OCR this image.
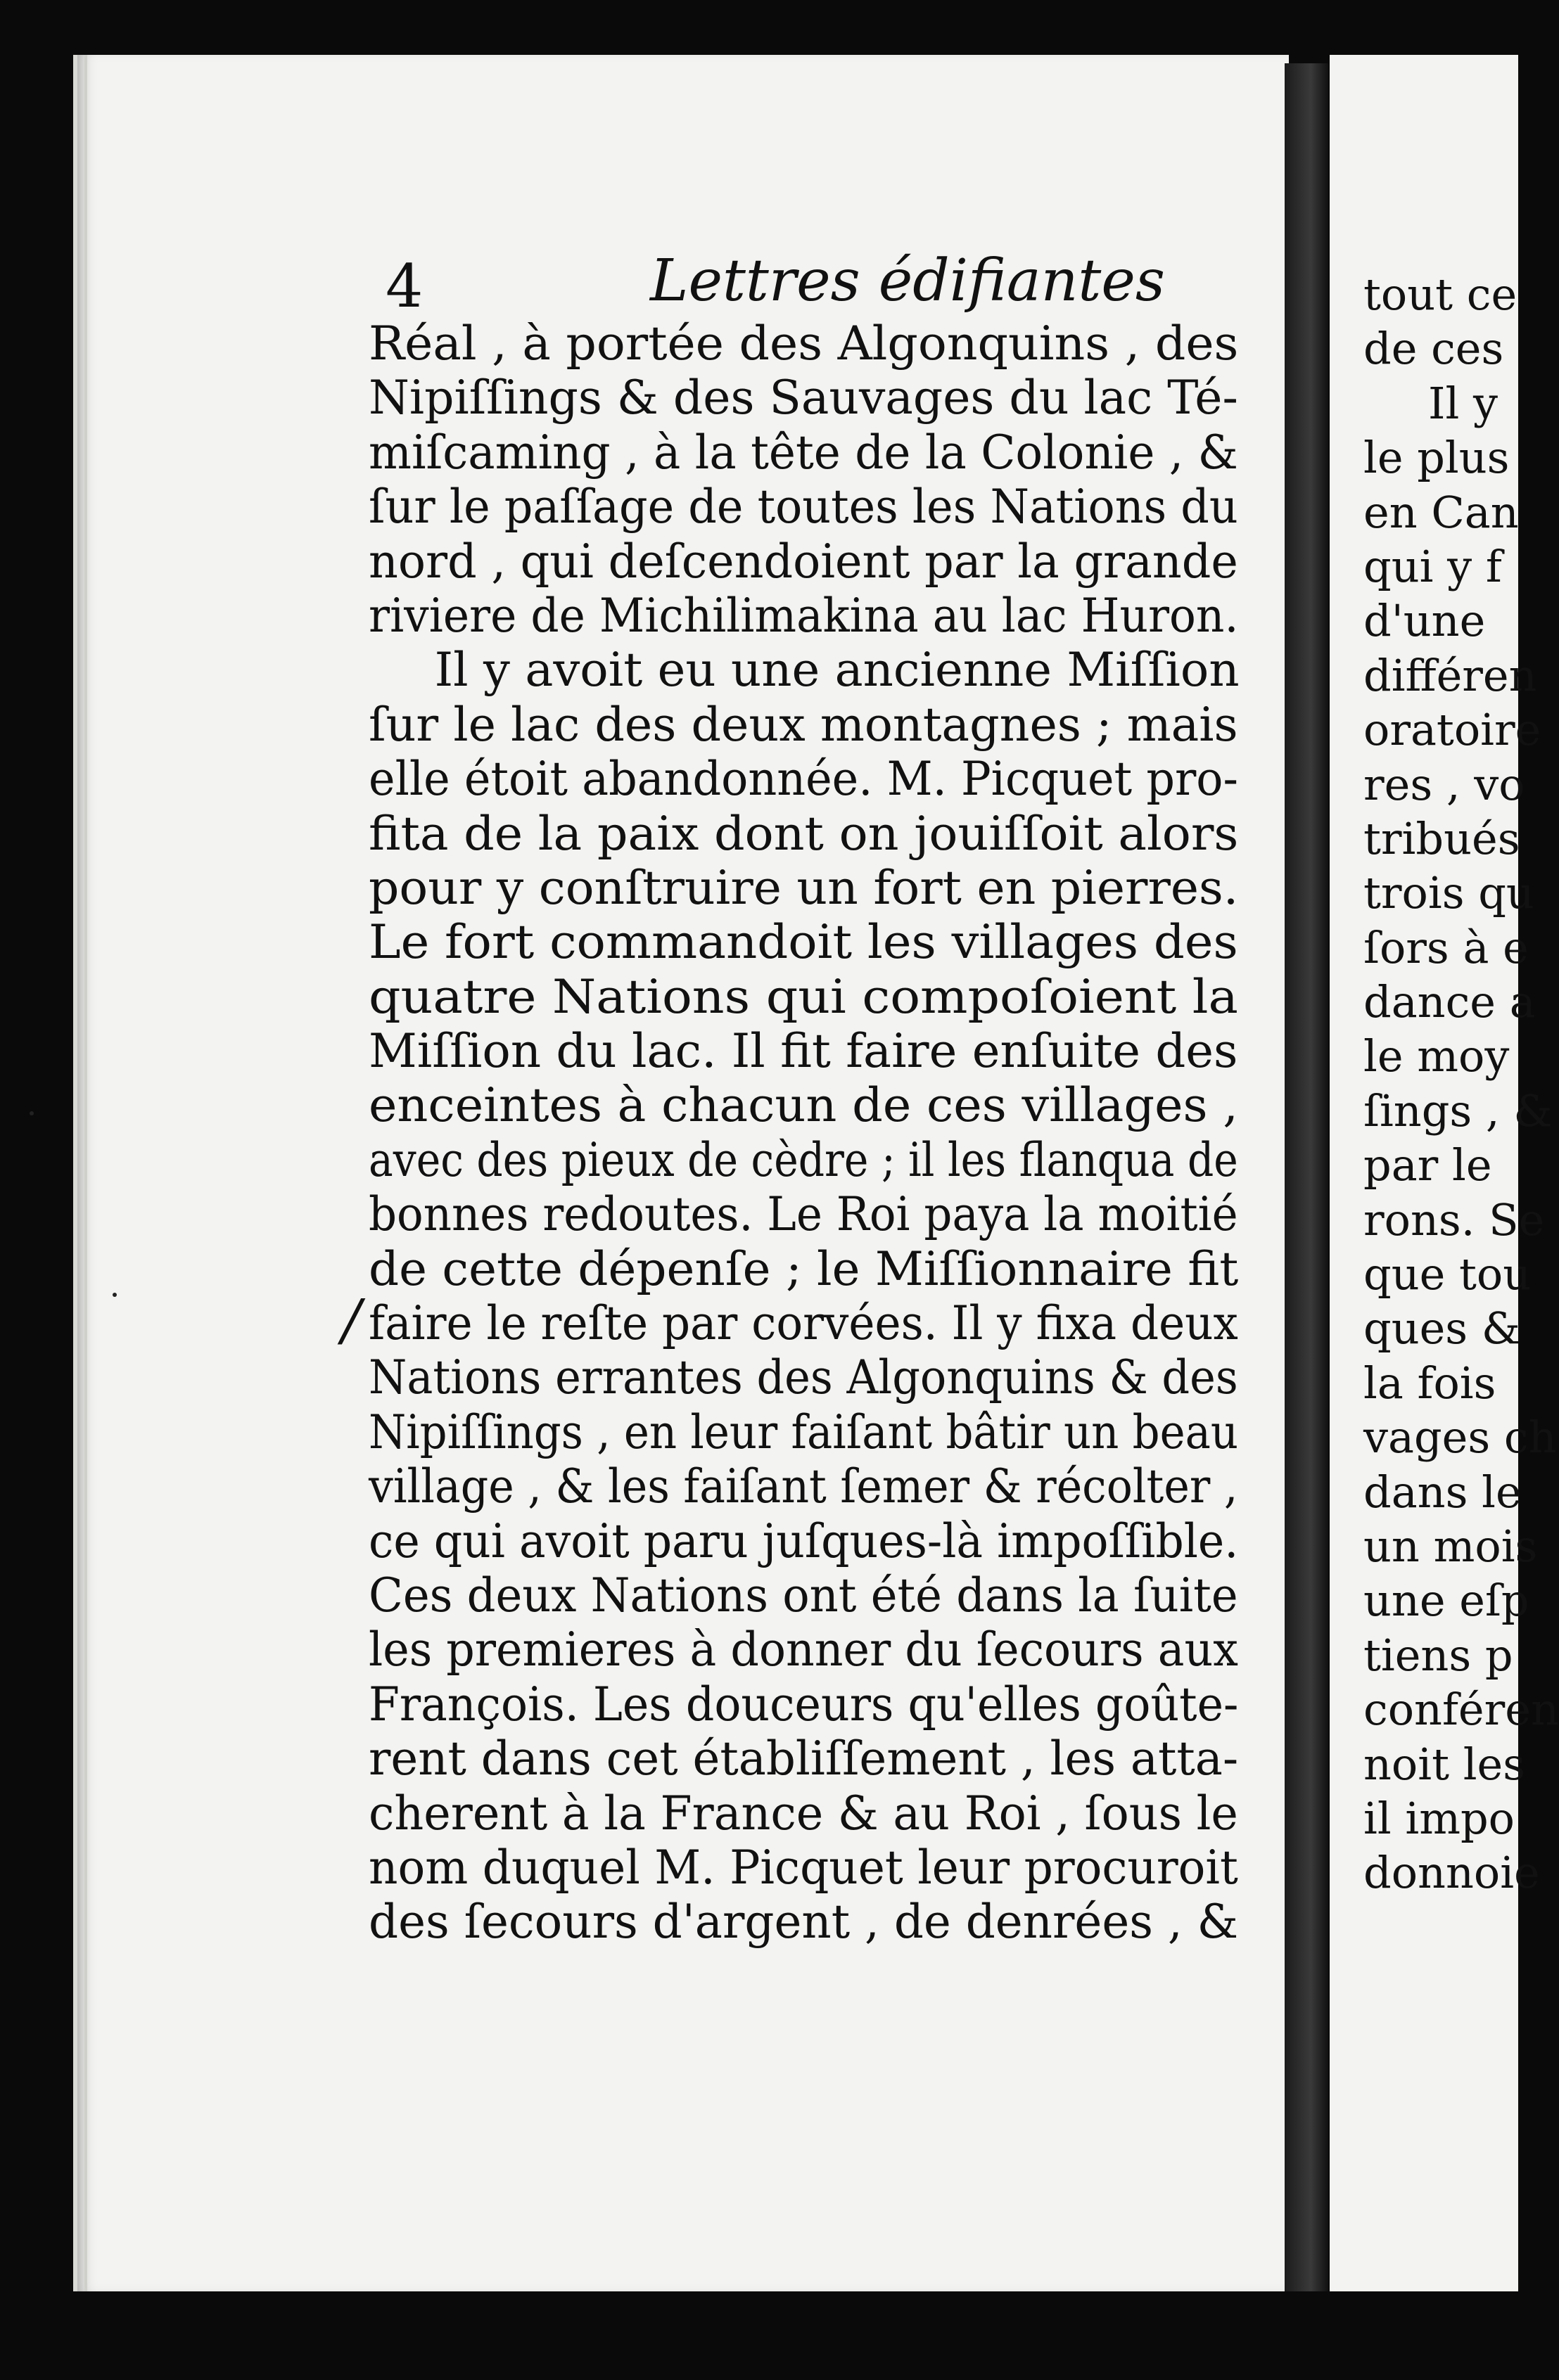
4	Lettres édifiantes
/
Réal , à portée des Algonquins , des
Nipiſſings & des Sauvages du lac Té-
miſcaming , à la tête de la Colonie , &
ſur le paſſage de toutes les Nations du
nord , qui deſcendoient par la grande
riviere de Michilimakina au lac Huron.
Il y avoit eu une ancienne Miſſion
ſur le lac des deux montagnes ; mais
elle étoit abandonnée. M. Picquet pro-
fita de la paix dont on jouiſſoit alors
pour y conſtruire un fort en pierres.
Le fort commandoit les villages des
quatre Nations qui compoſoient la
Miſſion du lac. Il fit faire enſuite des
enceintes à chacun de ces villages ,
avec des pieux de cèdre ; il les flanqua de
bonnes redoutes. Le Roi paya la moitié
de cette dépenſe ; le Miſſionnaire fit
faire le reſte par corvées. Il y fixa deux
Nations errantes des Algonquins & des
Nipiſſings , en leur faiſant bâtir un beau
village , & les faiſant ſemer & récolter ,
ce qui avoit paru juſques-là impoſſible.
Ces deux Nations ont été dans la ſuite
les premieres à donner du ſecours aux
François. Les douceurs qu'elles goûte-
rent dans cet établiſſement , les atta-
cherent à la France & au Roi , ſous le
nom duquel M. Picquet leur procuroit
des ſecours d'argent , de denrées , &
tout ce
de ces
Il y
le plus
en Can
qui y f
d'une
différen
oratoire
res , vo
tribués
trois qu
ſors à e
dance a
le moy
ſings , &
par le
rons. Se
que tou
ques &
la fois
vages ch
dans le
un mois
une eſp
tiens p
conféren
noit les
il impo
donnoie
